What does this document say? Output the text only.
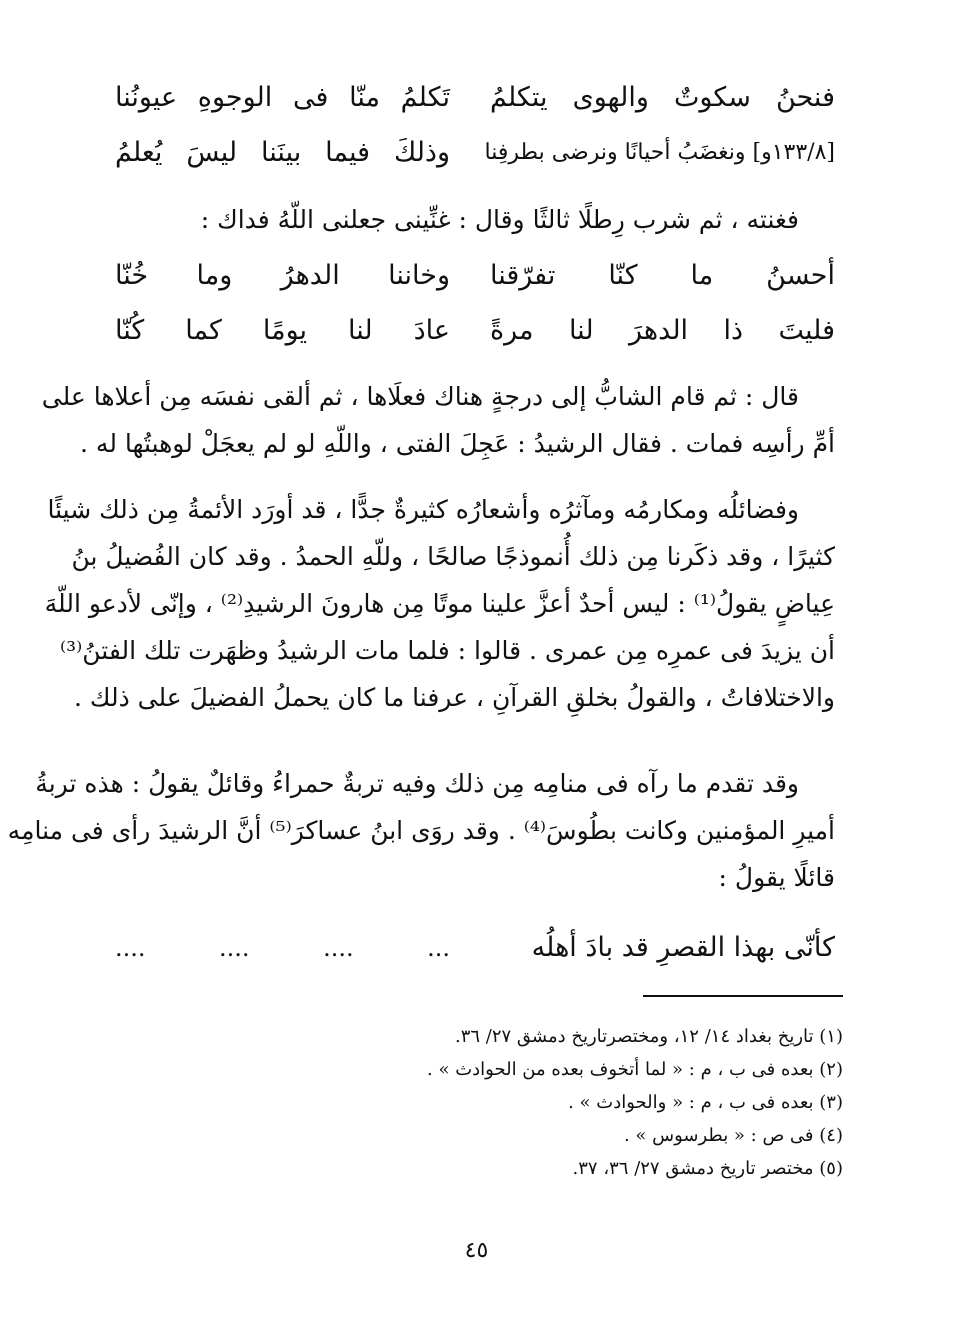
فنحنُ سكوتٌ والهوى يتكلمُ
تَكلمُ منّا فى الوجوهِ عيونُنا
[١٣٣/٨و] ونغضَبُ أحيانًا ونرضى بطرفِنا
وذلكَ فيما بينَنا ليسَ يُعلمُ
فغنته ، ثم شرب رِطلًا ثالثًا وقال : غنِّينى جعلنى اللّهُ فداك :
أحسنُ ما كنّا تفرّقنا
وخاننا الدهرُ وما خُنّا
فليتَ ذا الدهرَ لنا مرةً
عادَ لنا يومًا كما كُنّا
قال : ثم قام الشابُّ إلى درجةٍ هناك فعلَاها ، ثم ألقى نفسَه مِن أعلاها على
أمِّ رأسِه فمات . فقال الرشيدُ : عَجِلَ الفتى ، واللّهِ لو لم يعجَلْ لوهبتُها له .
وفضائلُه ومكارمُه ومآثرُه وأشعارُه كثيرةٌ جدًّا ، قد أورَد الأئمةُ مِن ذلك شيئًا
كثيرًا ، وقد ذكَرنا مِن ذلك أُنموذجًا صالحًا ، وللّهِ الحمدُ . وقد كان الفُضيلُ بنُ
عِياضٍ يقولُ⁽¹⁾ : ليس أحدٌ أعزَّ علينا موتًا مِن هارونَ الرشيدِ⁽²⁾ ، وإنّى لأدعو اللّهَ
أن يزيدَ فى عمرِه مِن عمرى . قالوا : فلما مات الرشيدُ وظهَرت تلك الفتنُ⁽³⁾
والاختلافاتُ ، والقولُ بخلقِ القرآنِ ، عرفنا ما كان يحملُ الفضيلَ على ذلك .
وقد تقدم ما رآه فى منامِه مِن ذلك وفيه تربةٌ حمراءُ وقائلٌ يقولُ : هذه تربةُ
أميرِ المؤمنين وكانت بطُوسَ⁽⁴⁾ . وقد روَى ابنُ عساكرَ⁽⁵⁾ أنَّ الرشيدَ رأى فى منامِه
قائلًا يقولُ :
كأنّى بهذا القصرِ قد بادَ أهلُه
.... .... .... ...
(١) تاريخ بغداد ١٤/ ١٢، ومختصرتاريخ دمشق ٢٧/ ٣٦.
(٢) بعده فى ب ، م : « لما أتخوف بعده من الحوادث » .
(٣) بعده فى ب ، م : « والحوادث » .
(٤) فى ص : « بطرسوس » .
(٥) مختصر تاريخ دمشق ٢٧/ ٣٦، ٣٧.
٤٥
